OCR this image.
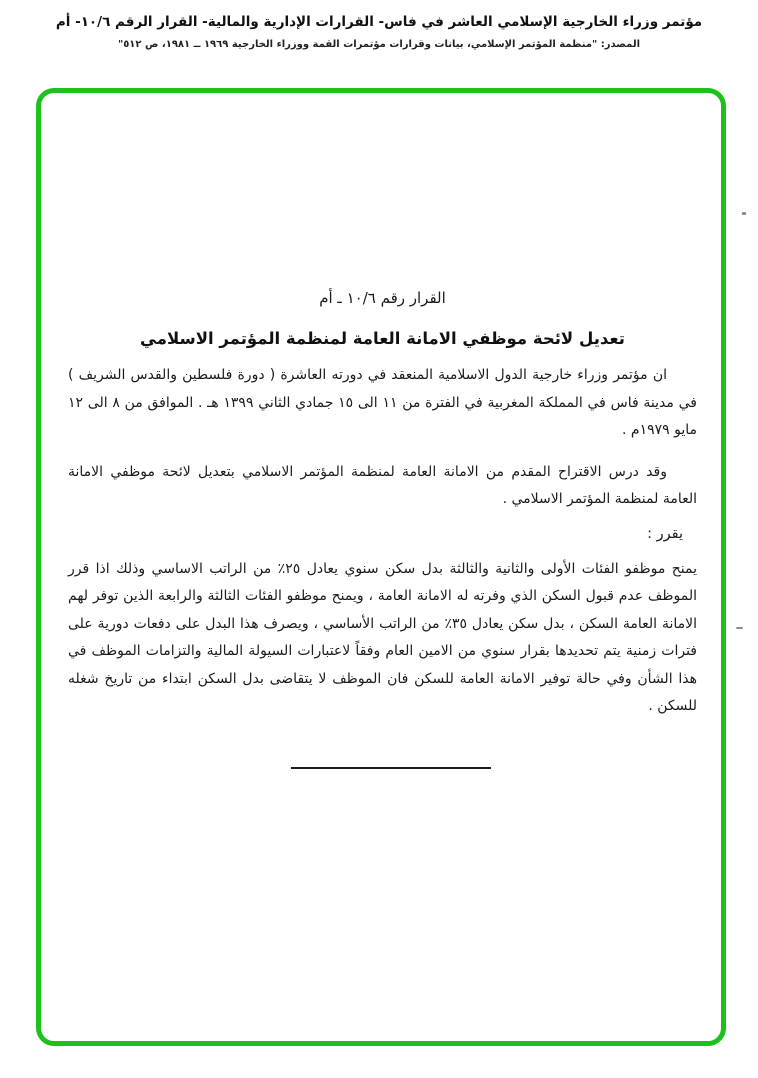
مؤتمر وزراء الخارجية الإسلامي العاشر في فاس- القرارات الإدارية والمالية- القرار الرقم ١٠/٦- أم
المصدر: "منظمة المؤتمر الإسلامي، بيانات وقرارات مؤتمرات القمة ووزراء الخارجية ١٩٦٩ ــ ١٩٨١، ص ٥١٢"
القرار رقم ١٠/٦ ـ أم
تعديل لائحة موظفي الامانة العامة لمنظمة المؤتمر الاسلامي

ان مؤتمر وزراء خارجية الدول الاسلامية المنعقد في دورته العاشرة ( دورة فلسطين والقدس الشريف ) في مدينة فاس في المملكة المغربية في الفترة من ١١ الى ١٥ جمادي الثاني ١٣٩٩ هـ . الموافق من ٨ الى ١٢ مايو ١٩٧٩م .

وقد درس الاقتراح المقدم من الامانة العامة لمنظمة المؤتمر الاسلامي بتعديل لائحة موظفي الامانة العامة لمنظمة المؤتمر الاسلامي .

يقرر :

يمنح موظفو الفئات الأولى والثانية والثالثة بدل سكن سنوي يعادل ٢٥٪ من الراتب الاساسي وذلك اذا قرر الموظف عدم قبول السكن الذي وفرته له الامانة العامة ، ويمنح موظفو الفئات الثالثة والرابعة الذين توفر لهم الامانة العامة السكن ، بدل سكن يعادل ٣٥٪ من الراتب الأساسي ، ويصرف هذا البدل على دفعات دورية على فترات زمنية يتم تحديدها بقرار سنوي من الامين العام وفقاً لاعتبارات السيولة المالية والتزامات الموظف في هذا الشأن وفي حالة توفير الامانة العامة للسكن فان الموظف لا يتقاضى بدل السكن ابتداء من تاريخ شغله للسكن .
